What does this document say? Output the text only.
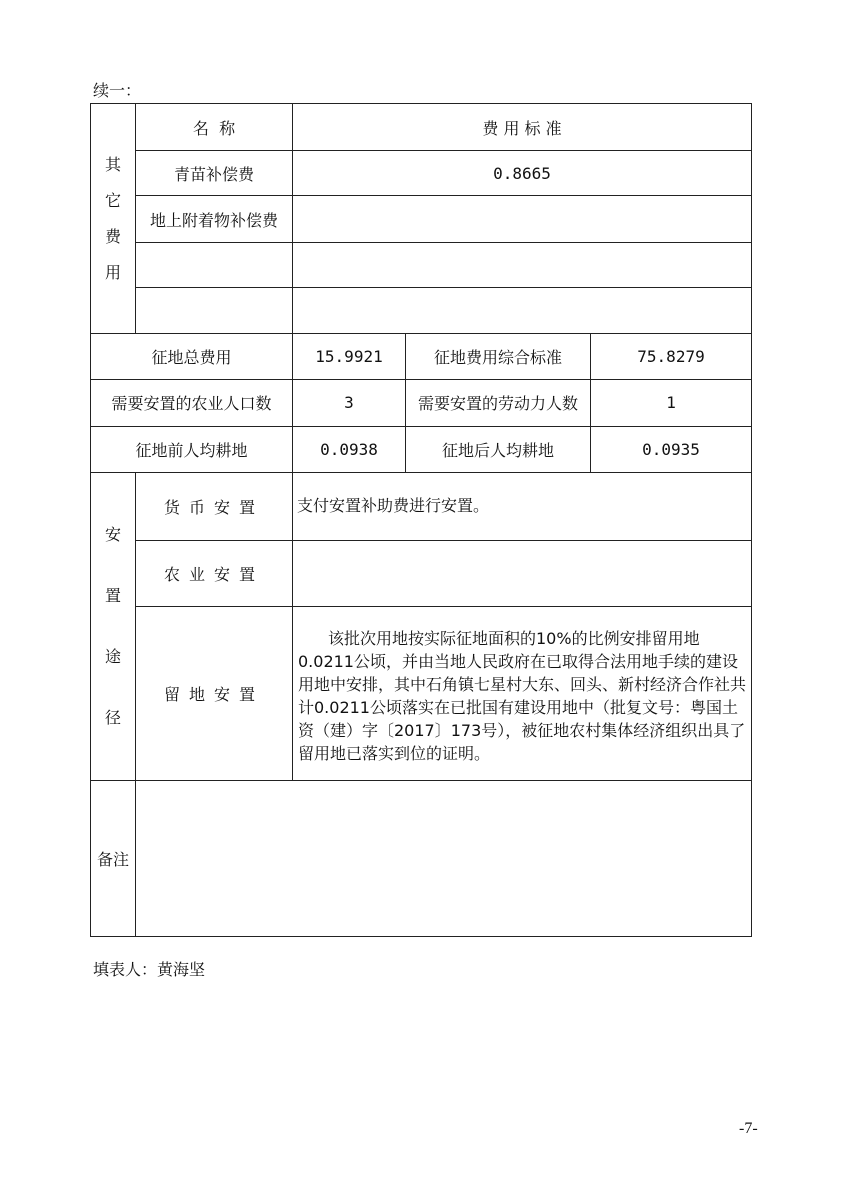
续一：
其
它
费
用	名  称	费 用 标 准		
	青苗补偿费	0.8665		
	地上附着物补偿费			

征地总费用		15.9921	征地费用综合标准	75.8279
需要安置的农业人口数		3	需要安置的劳动力人数	1
征地前人均耕地		0.0938	征地后人均耕地	0.0935

安
置
途
径	货币安置	支付安置补助费进行安置。		
	农业安置			
	留地安置	该批次用地按实际征地面积的10%的比例安排留用地0.0211公顷，并由当地人民政府在已取得合法用地手续的建设用地中安排，其中石角镇七星村大东、回头、新村经济合作社共计0.0211公顷落实在已批国有建设用地中（批复文号：粤国土资（建）字〔2017〕173号），被征地农村集体经济组织出具了留用地已落实到位的证明。		
备注				
填表人：黄海坚
-7-
